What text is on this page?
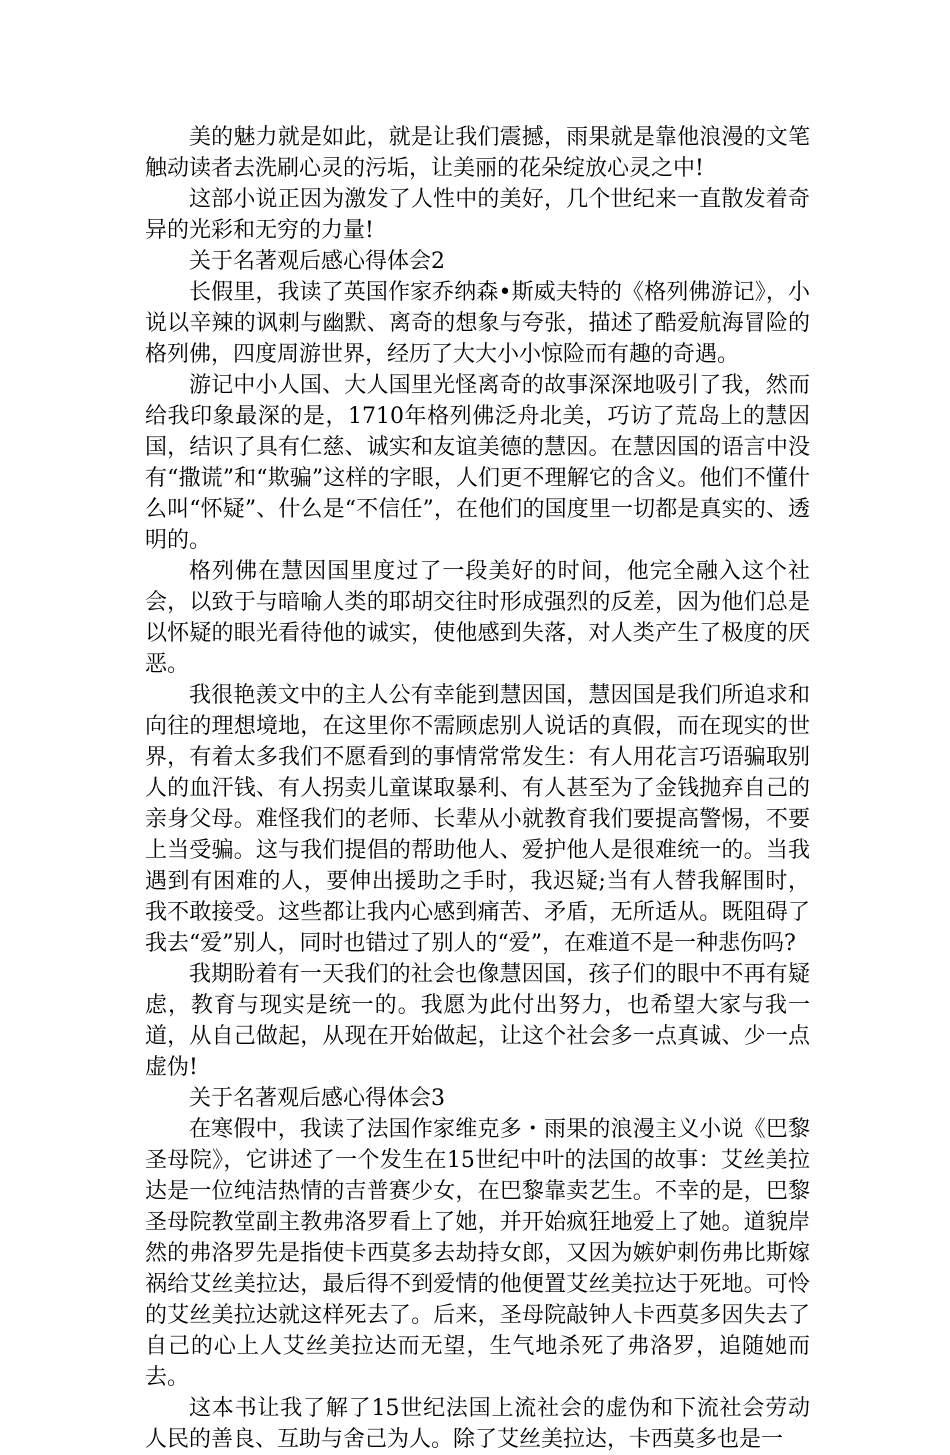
美的魅力就是如此，就是让我们震撼，雨果就是靠他浪漫的文笔触动读者去洗刷心灵的污垢，让美丽的花朵绽放心灵之中!

这部小说正因为激发了人性中的美好，几个世纪来一直散发着奇异的光彩和无穷的力量!

关于名著观后感心得体会2

长假里，我读了英国作家乔纳森•斯威夫特的《格列佛游记》，小说以辛辣的讽刺与幽默、离奇的想象与夸张，描述了酷爱航海冒险的格列佛，四度周游世界，经历了大大小小惊险而有趣的奇遇。

游记中小人国、大人国里光怪离奇的故事深深地吸引了我，然而给我印象最深的是，1710年格列佛泛舟北美，巧访了荒岛上的慧因国，结识了具有仁慈、诚实和友谊美德的慧因。在慧因国的语言中没有“撒谎”和“欺骗”这样的字眼，人们更不理解它的含义。他们不懂什么叫“怀疑”、什么是“不信任”，在他们的国度里一切都是真实的、透明的。

格列佛在慧因国里度过了一段美好的时间，他完全融入这个社会，以致于与暗喻人类的耶胡交往时形成强烈的反差，因为他们总是以怀疑的眼光看待他的诚实，使他感到失落，对人类产生了极度的厌恶。

我很艳羡文中的主人公有幸能到慧因国，慧因国是我们所追求和向往的理想境地，在这里你不需顾虑别人说话的真假，而在现实的世界，有着太多我们不愿看到的事情常常发生：有人用花言巧语骗取别人的血汗钱、有人拐卖儿童谋取暴利、有人甚至为了金钱抛弃自己的亲身父母。难怪我们的老师、长辈从小就教育我们要提高警惕，不要上当受骗。这与我们提倡的帮助他人、爱护他人是很难统一的。当我遇到有困难的人，要伸出援助之手时，我迟疑;当有人替我解围时，我不敢接受。这些都让我内心感到痛苦、矛盾，无所适从。既阻碍了我去“爱”别人，同时也错过了别人的“爱”，在难道不是一种悲伤吗?

我期盼着有一天我们的社会也像慧因国，孩子们的眼中不再有疑虑，教育与现实是统一的。我愿为此付出努力，也希望大家与我一道，从自己做起，从现在开始做起，让这个社会多一点真诚、少一点虚伪!

关于名著观后感心得体会3

在寒假中，我读了法国作家维克多・雨果的浪漫主义小说《巴黎圣母院》，它讲述了一个发生在15世纪中叶的法国的故事：艾丝美拉达是一位纯洁热情的吉普赛少女，在巴黎靠卖艺生。不幸的是，巴黎圣母院教堂副主教弗洛罗看上了她，并开始疯狂地爱上了她。道貌岸然的弗洛罗先是指使卡西莫多去劫持女郎，又因为嫉妒刺伤弗比斯嫁祸给艾丝美拉达，最后得不到爱情的他便置艾丝美拉达于死地。可怜的艾丝美拉达就这样死去了。后来，圣母院敲钟人卡西莫多因失去了自己的心上人艾丝美拉达而无望，生气地杀死了弗洛罗，追随她而去。

这本书让我了解了15世纪法国上流社会的虚伪和下流社会劳动人民的善良、互助与舍己为人。除了艾丝美拉达，卡西莫多也是一
